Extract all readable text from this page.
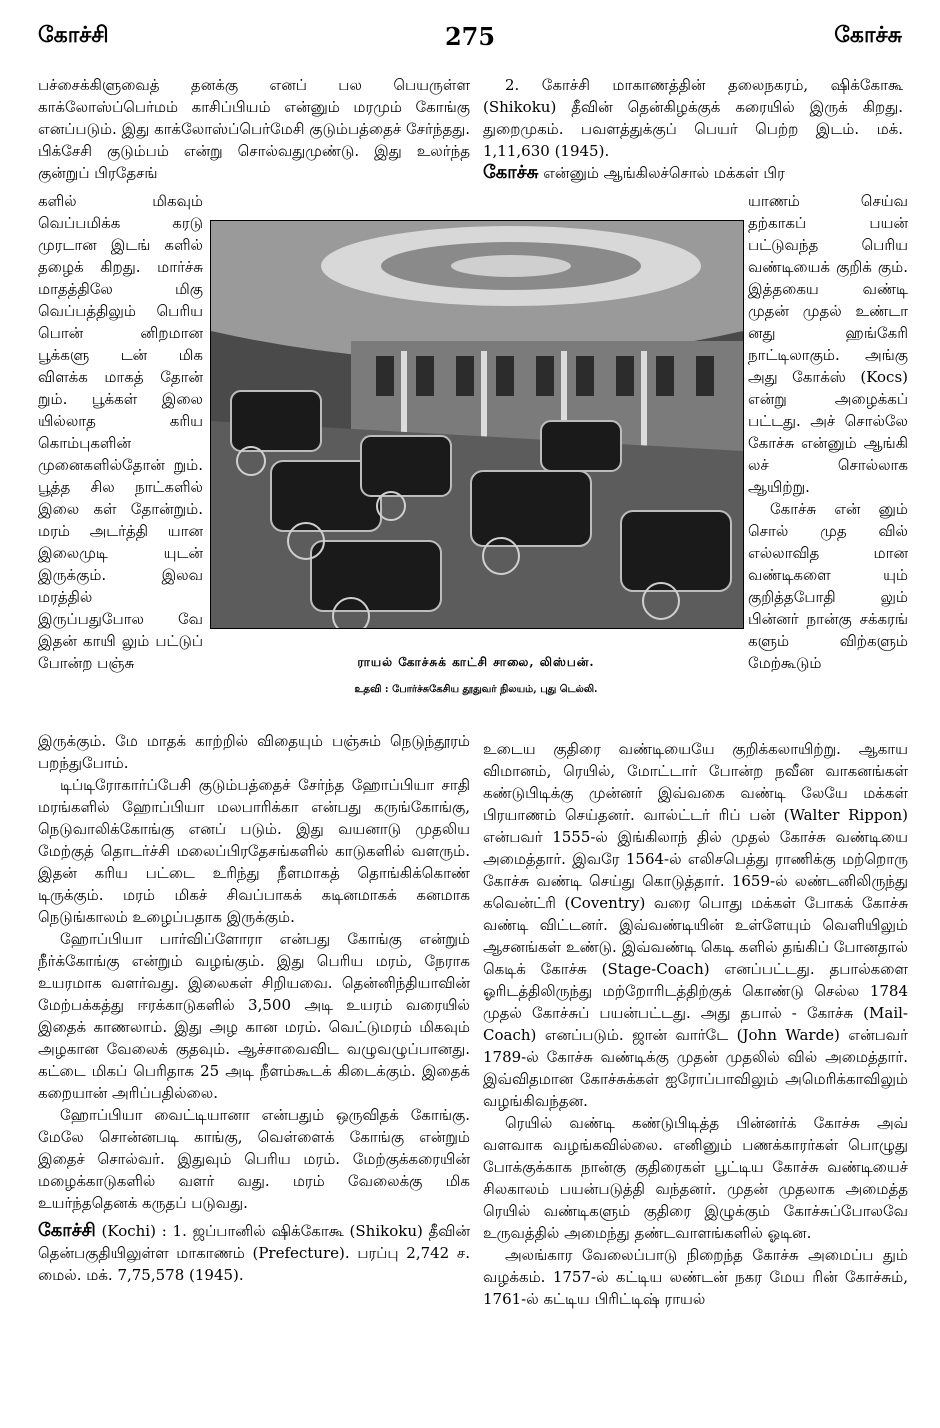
கோச்சி	275	கோச்சு

பச்சைக்கிளுவைத் தனக்கு எனப் பல பெயருள்ள காக்லோஸ்ப்பெர்மம் காசிப்பியம் என்னும் மரமும் கோங்கு எனப்படும். இது காக்லோஸ்ப்பெர்மேசி குடும்பத்தைச் சேர்ந்தது. பிக்சேசி குடும்பம் என்று சொல்வதுமுண்டு. இது உலர்ந்த குன்றுப் பிரதேசங்

களில் மிகவும் வெப்பமிக்க கரடு முரடான இடங் களில் தழைக் கிறது. மார்ச்சு மாதத்திலே மிகு வெப்பத்திலும் பெரிய பொன் னிறமான பூக்களு டன் மிக விளக்க மாகத் தோன் றும். பூக்கள் இலை யில்லாத கரிய கொம்புகளின் முனைகளில்தோன் றும். பூத்த சில நாட்களில் இலை கள் தோன்றும். மரம் அடர்த்தி யான இலைமுடி யுடன் இருக்கும். இலவ மரத்தில் இருப்பதுபோல வே இதன் காயி லும் பட்டுப் போன்ற பஞ்சு

இருக்கும். மே மாதக் காற்றில் விதையும் பஞ்சும் நெடுந்தூரம் பறந்துபோம்.

டிப்டிரோகார்ப்பேசி குடும்பத்தைச் சேர்ந்த ஹோப்பியா சாதி மரங்களில் ஹோப்பியா மலபாரிக்கா என்பது கருங்கோங்கு, நெடுவாலிக்கோங்கு எனப் படும். இது வயனாடு முதலிய மேற்குத் தொடர்ச்சி மலைப்பிரதேசங்களில் காடுகளில் வளரும். இதன் கரிய பட்டை உரிந்து நீளமாகத் தொங்கிக்கொண் டிருக்கும். மரம் மிகச் சிவப்பாகக் கடினமாகக் கனமாக நெடுங்காலம் உழைப்பதாக இருக்கும்.

ஹோப்பியா பார்விப்ளோரா என்பது கோங்கு என்றும் நீர்க்கோங்கு என்றும் வழங்கும். இது பெரிய மரம், நேராக உயரமாக வளர்வது. இலைகள் சிறியவை. தென்னிந்தியாவின் மேற்பக்கத்து ஈரக்காடுகளில் 3,500 அடி உயரம் வரையில் இதைக் காணலாம். இது அழ கான மரம். வெட்டுமரம் மிகவும் அழகான வேலைக் குதவும். ஆச்சாவைவிட வழுவழுப்பானது. கட்டை மிகப் பெரிதாக 25 அடி நீளம்கூடக் கிடைக்கும். இதைக் கறையான் அரிப்பதில்லை.

ஹோப்பியா வைட்டியானா என்பதும் ஒருவிதக் கோங்கு. மேலே சொன்னபடி காங்கு, வெள்ளைக் கோங்கு என்றும் இதைச் சொல்வர். இதுவும் பெரிய மரம். மேற்குக்கரையின் மழைக்காடுகளில் வளர் வது. மரம் வேலைக்கு மிக உயர்ந்ததெனக் கருதப் படுவது.

கோச்சி (Kochi) : 1. ஜப்பானில் ஷிக்கோகூ (Shikoku) தீவின் தென்பகுதியிலுள்ள மாகாணம் (Prefecture). பரப்பு 2,742 ச. மைல். மக். 7,75,578 (1945).

2. கோச்சி மாகாணத்தின் தலைநகரம், ஷிக்கோகூ (Shikoku) தீவின் தென்கிழக்குக் கரையில் இருக் கிறது. துறைமுகம். பவளத்துக்குப் பெயர் பெற்ற இடம். மக். 1,11,630 (1945).

கோச்சு என்னும் ஆங்கிலச்சொல் மக்கள் பிர

யாணம் செய்வ தற்காகப் பயன் பட்டுவந்த பெரிய வண்டியைக் குறிக் கும். இத்தகைய வண்டி முதன் முதல் உண்டா னது ஹங்கேரி நாட்டிலாகும். அங்கு அது கோக்ஸ் (Kocs) என்று அழைக்கப் பட்டது. அச் சொல்லே கோச்சு என்னும் ஆங்கி லச் சொல்லாக ஆயிற்று.

கோச்சு என் னும் சொல் முத வில் எல்லாவித மான வண்டிகளை யும் குறித்தபோதி லும் பின்னர் நான்கு சக்கரங் களும் விற்களும் மேற்கூடும்

உடைய குதிரை வண்டியையே குறிக்கலாயிற்று. ஆகாய விமானம், ரெயில், மோட்டார் போன்ற நவீன வாகனங்கள் கண்டுபிடிக்கு முன்னர் இவ்வகை வண்டி லேயே மக்கள் பிரயாணம் செய்தனர். வால்ட்டர் ரிப் பன் (Walter Rippon) என்பவர் 1555-ல் இங்கிலாந் தில் முதல் கோச்சு வண்டியை அமைத்தார். இவரே 1564-ல் எலிசபெத்து ராணிக்கு மற்றொரு கோச்சு வண்டி செய்து கொடுத்தார். 1659-ல் லண்டனிலிருந்து கவென்ட்ரி (Coventry) வரை பொது மக்கள் போகக் கோச்சு வண்டி விட்டனர். இவ்வண்டியின் உள்ளேயும் வெளியிலும் ஆசனங்கள் உண்டு. இவ்வண்டி கெடி களில் தங்கிப் போனதால் கெடிக் கோச்சு (Stage-Coach) எனப்பட்டது. தபால்களை ஓரிடத்திலிருந்து மற்றோரிடத்திற்குக் கொண்டு செல்ல 1784 முதல் கோச்சுப் பயன்பட்டது. அது தபால் - கோச்சு (Mail-Coach) எனப்படும். ஜான் வார்டே (John Warde) என்பவர் 1789-ல் கோச்சு வண்டிக்கு முதன் முதலில் வில் அமைத்தார். இவ்விதமான கோச்சுக்கள் ஐரோப்பாவிலும் அமெரிக்காவிலும் வழங்கிவந்தன.

ரெயில் வண்டி கண்டுபிடித்த பின்னர்க் கோச்சு அவ் வளவாக வழங்கவில்லை. எனினும் பணக்காரர்கள் பொழுது போக்குக்காக நான்கு குதிரைகள் பூட்டிய கோச்சு வண்டியைச் சிலகாலம் பயன்படுத்தி வந்தனர். முதன் முதலாக அமைத்த ரெயில் வண்டிகளும் குதிரை இழுக்கும் கோச்சுப்போலவே உருவத்தில் அமைந்து தண்டவாளங்களில் ஓடின.

அலங்கார வேலைப்பாடு நிறைந்த கோச்சு அமைப்ப தும் வழக்கம். 1757-ல் கட்டிய லண்டன் நகர மேய ரின் கோச்சும், 1761-ல் கட்டிய பிரிட்டிஷ் ராயல்

ராயல் கோச்சுக் காட்சி சாலை, லிஸ்பன்.
உதவி : போர்ச்சுகேசிய தூதுவர் நிலயம், புது டெல்லி.
